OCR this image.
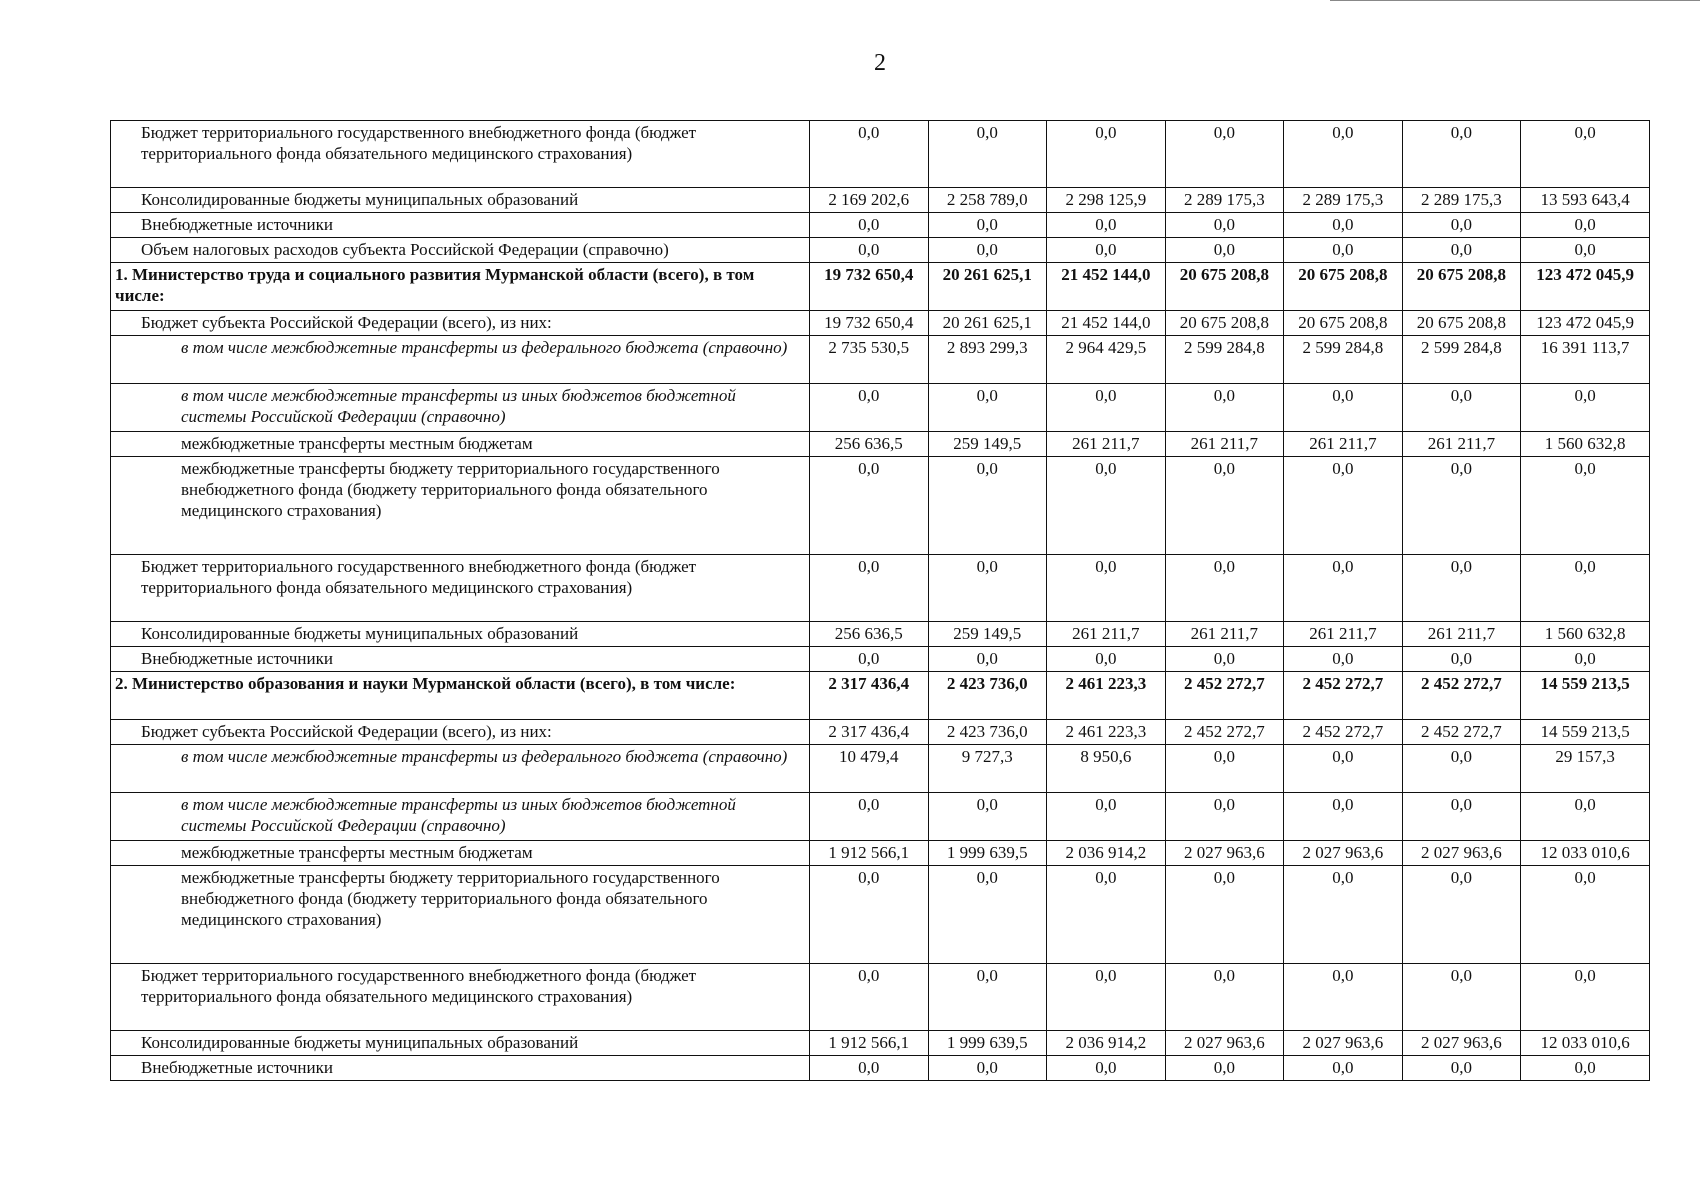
2
Бюджет территориального государственного внебюджетного фонда (бюджет территориального фонда обязательного медицинского страхования)	0,0	0,0	0,0	0,0	0,0	0,0	0,0
Консолидированные бюджеты муниципальных образований	2 169 202,6	2 258 789,0	2 298 125,9	2 289 175,3	2 289 175,3	2 289 175,3	13 593 643,4
Внебюджетные источники	0,0	0,0	0,0	0,0	0,0	0,0	0,0
Объем налоговых расходов субъекта Российской Федерации (справочно)	0,0	0,0	0,0	0,0	0,0	0,0	0,0
1. Министерство труда и социального развития Мурманской области (всего), в том числе:	19 732 650,4	20 261 625,1	21 452 144,0	20 675 208,8	20 675 208,8	20 675 208,8	123 472 045,9
Бюджет субъекта Российской Федерации (всего), из них:	19 732 650,4	20 261 625,1	21 452 144,0	20 675 208,8	20 675 208,8	20 675 208,8	123 472 045,9
в том числе межбюджетные трансферты из федерального бюджета (справочно)	2 735 530,5	2 893 299,3	2 964 429,5	2 599 284,8	2 599 284,8	2 599 284,8	16 391 113,7
в том числе межбюджетные трансферты из иных бюджетов бюджетной системы Российской Федерации (справочно)	0,0	0,0	0,0	0,0	0,0	0,0	0,0
межбюджетные трансферты местным бюджетам	256 636,5	259 149,5	261 211,7	261 211,7	261 211,7	261 211,7	1 560 632,8
межбюджетные трансферты бюджету территориального государственного внебюджетного фонда (бюджету территориального фонда обязательного медицинского страхования)	0,0	0,0	0,0	0,0	0,0	0,0	0,0
Бюджет территориального государственного внебюджетного фонда (бюджет территориального фонда обязательного медицинского страхования)	0,0	0,0	0,0	0,0	0,0	0,0	0,0
Консолидированные бюджеты муниципальных образований	256 636,5	259 149,5	261 211,7	261 211,7	261 211,7	261 211,7	1 560 632,8
Внебюджетные источники	0,0	0,0	0,0	0,0	0,0	0,0	0,0
2. Министерство образования и науки Мурманской области (всего), в том числе:	2 317 436,4	2 423 736,0	2 461 223,3	2 452 272,7	2 452 272,7	2 452 272,7	14 559 213,5
Бюджет субъекта Российской Федерации (всего), из них:	2 317 436,4	2 423 736,0	2 461 223,3	2 452 272,7	2 452 272,7	2 452 272,7	14 559 213,5
в том числе межбюджетные трансферты из федерального бюджета (справочно)	10 479,4	9 727,3	8 950,6	0,0	0,0	0,0	29 157,3
в том числе межбюджетные трансферты из иных бюджетов бюджетной системы Российской Федерации (справочно)	0,0	0,0	0,0	0,0	0,0	0,0	0,0
межбюджетные трансферты местным бюджетам	1 912 566,1	1 999 639,5	2 036 914,2	2 027 963,6	2 027 963,6	2 027 963,6	12 033 010,6
межбюджетные трансферты бюджету территориального государственного внебюджетного фонда (бюджету территориального фонда обязательного медицинского страхования)	0,0	0,0	0,0	0,0	0,0	0,0	0,0
Бюджет территориального государственного внебюджетного фонда (бюджет территориального фонда обязательного медицинского страхования)	0,0	0,0	0,0	0,0	0,0	0,0	0,0
Консолидированные бюджеты муниципальных образований	1 912 566,1	1 999 639,5	2 036 914,2	2 027 963,6	2 027 963,6	2 027 963,6	12 033 010,6
Внебюджетные источники	0,0	0,0	0,0	0,0	0,0	0,0	0,0
